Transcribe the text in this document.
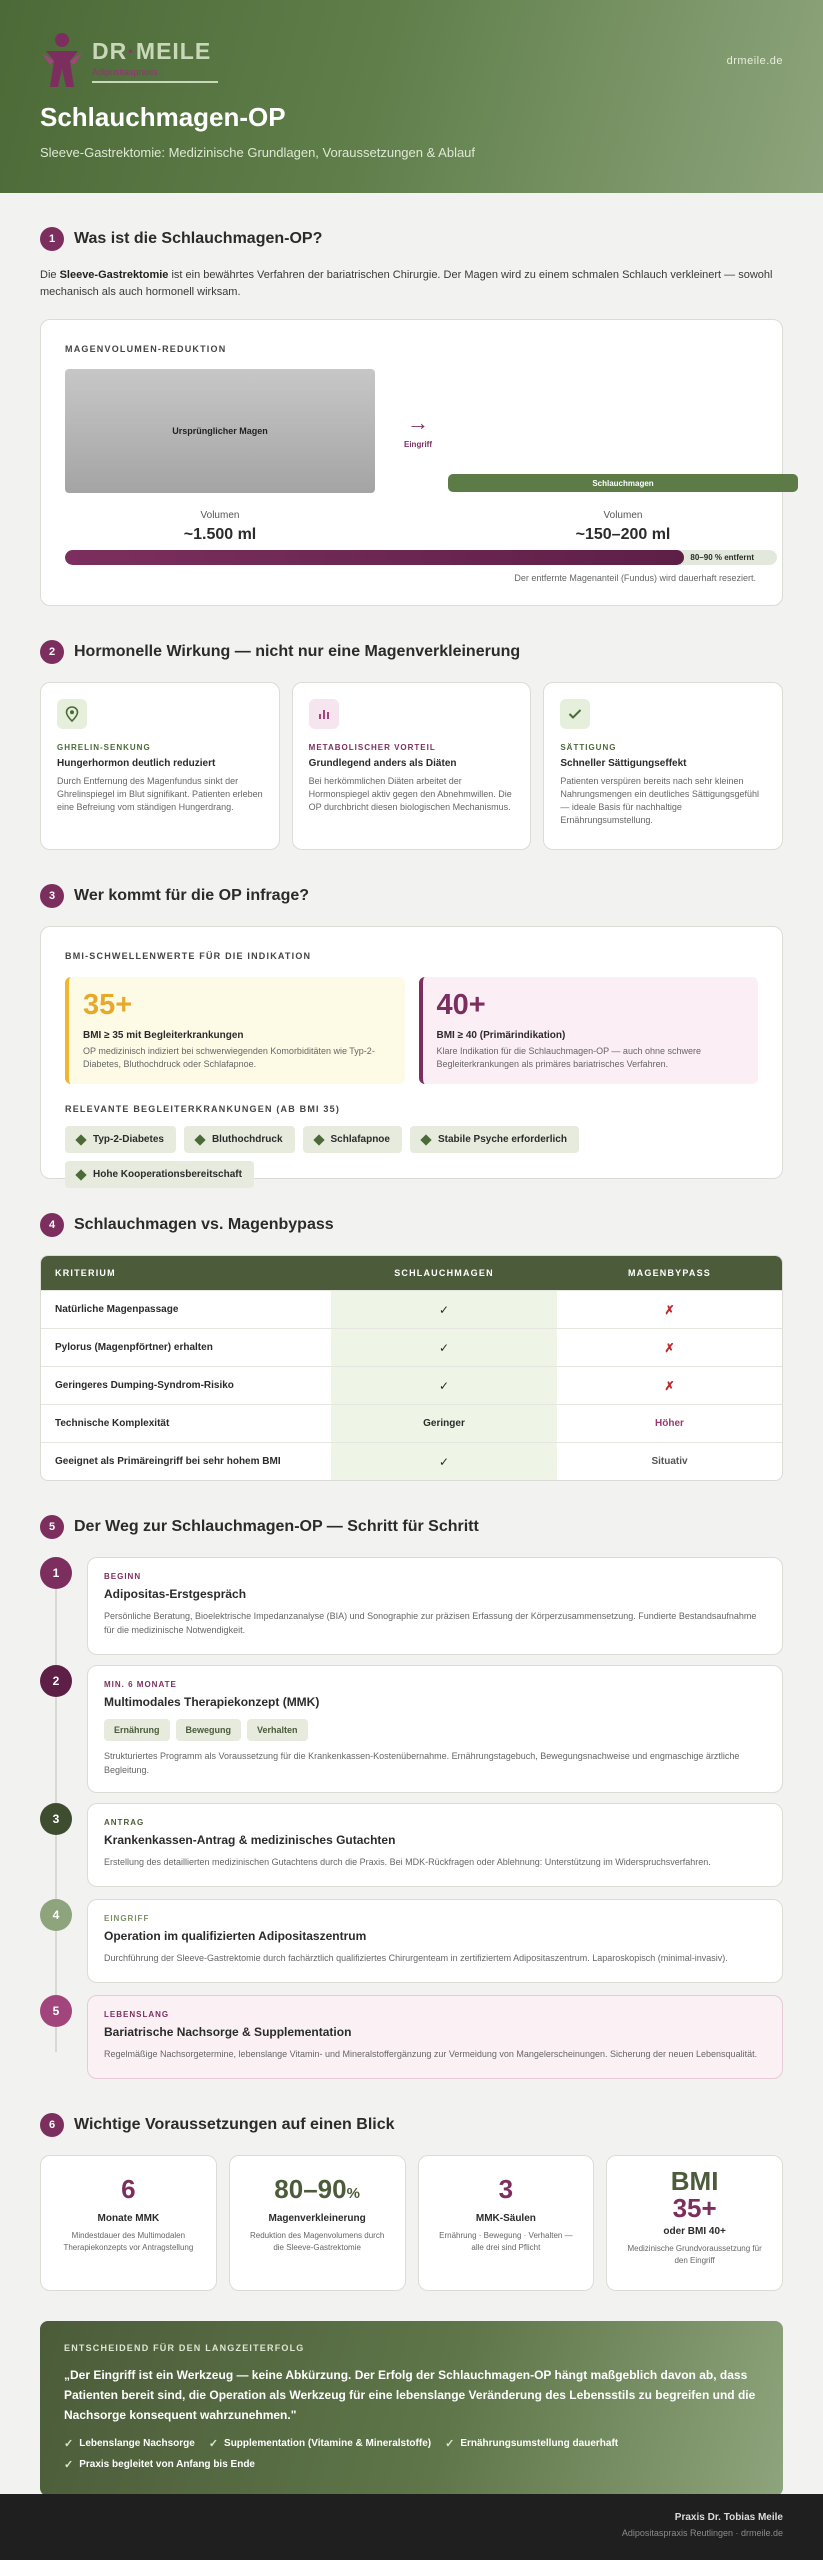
DR·MEILE
Adipositaspraxis
drmeile.de
Schlauchmagen-OP
Sleeve-Gastrektomie: Medizinische Grundlagen, Voraussetzungen & Ablauf
1	Was ist die Schlauchmagen-OP?

Die Sleeve-Gastrektomie ist ein bewährtes Verfahren der bariatrischen Chirurgie. Der Magen wird zu einem schmalen Schlauch verkleinert — sowohl mechanisch als auch hormonell wirksam.

MAGENVOLUMEN-REDUKTION
Ursprünglicher Magen	→
Eingriff
Schlauchmagen
Volumen
~1.500 ml
Volumen
~150–200 ml
80–90 % entfernt
Der entfernte Magenanteil (Fundus) wird dauerhaft reseziert.
2	Hormonelle Wirkung — nicht nur eine Magenverkleinerung
GHRELIN-SENKUNG
Hungerhormon deutlich reduziert

Durch Entfernung des Magenfundus sinkt der Ghrelinspiegel im Blut signifikant. Patienten erleben eine Befreiung vom ständigen Hungerdrang.

METABOLISCHER VORTEIL
Grundlegend anders als Diäten

Bei herkömmlichen Diäten arbeitet der Hormonspiegel aktiv gegen den Abnehmwillen. Die OP durchbricht diesen biologischen Mechanismus.

SÄTTIGUNG
Schneller Sättigungseffekt

Patienten verspüren bereits nach sehr kleinen Nahrungsmengen ein deutliches Sättigungsgefühl — ideale Basis für nachhaltige Ernährungsumstellung.

3	Wer kommt für die OP infrage?
BMI-SCHWELLENWERTE FÜR DIE INDIKATION
35+
BMI ≥ 35 mit Begleiterkrankungen

OP medizinisch indiziert bei schwerwiegenden Komorbiditäten wie Typ-2-Diabetes, Bluthochdruck oder Schlafapnoe.

40+
BMI ≥ 40 (Primärindikation)

Klare Indikation für die Schlauchmagen-OP — auch ohne schwere Begleiterkrankungen als primäres bariatrisches Verfahren.

RELEVANTE BEGLEITERKRANKUNGEN (AB BMI 35)
Typ-2-Diabetes	Bluthochdruck	Schlafapnoe	Stabile Psyche erforderlich
Hohe Kooperationsbereitschaft
4	Schlauchmagen vs. Magenbypass
KRITERIUM	SCHLAUCHMAGEN	MAGENBYPASS
Natürliche Magenpassage	✓	✗
Pylorus (Magenpförtner) erhalten	✓	✗
Geringeres Dumping-Syndrom-Risiko	✓	✗
Technische Komplexität	Geringer	Höher
Geeignet als Primäreingriff bei sehr hohem BMI	✓	Situativ
5	Der Weg zur Schlauchmagen-OP — Schritt für Schritt
1	BEGINN
Adipositas-Erstgespräch

Persönliche Beratung, Bioelektrische Impedanzanalyse (BIA) und Sonographie zur präzisen Erfassung der Körperzusammensetzung. Fundierte Bestandsaufnahme für die medizinische Notwendigkeit.

2	MIN. 6 MONATE
Multimodales Therapiekonzept (MMK)
Ernährung	Bewegung	Verhalten

Strukturiertes Programm als Voraussetzung für die Krankenkassen-Kostenübernahme. Ernährungstagebuch, Bewegungsnachweise und engmaschige ärztliche Begleitung.

3	ANTRAG
Krankenkassen-Antrag & medizinisches Gutachten

Erstellung des detaillierten medizinischen Gutachtens durch die Praxis. Bei MDK-Rückfragen oder Ablehnung: Unterstützung im Widerspruchsverfahren.

4	EINGRIFF
Operation im qualifizierten Adipositaszentrum

Durchführung der Sleeve-Gastrektomie durch fachärztlich qualifiziertes Chirurgenteam in zertifiziertem Adipositaszentrum. Laparoskopisch (minimal-invasiv).

5	LEBENSLANG
Bariatrische Nachsorge & Supplementation

Regelmäßige Nachsorgetermine, lebenslange Vitamin- und Mineralstoffergänzung zur Vermeidung von Mangelerscheinungen. Sicherung der neuen Lebensqualität.

6	Wichtige Voraussetzungen auf einen Blick
6
Monate MMK
Mindestdauer des Multimodalen Therapiekonzepts vor Antragstellung
80–90%
Magenverkleinerung
Reduktion des Magenvolumens durch die Sleeve-Gastrektomie
3
MMK-Säulen
Ernährung · Bewegung · Verhalten — alle drei sind Pflicht
BMI
35+
oder BMI 40+
Medizinische Grundvoraussetzung für den Eingriff
ENTSCHEIDEND FÜR DEN LANGZEITERFOLG
„Der Eingriff ist ein Werkzeug — keine Abkürzung. Der Erfolg der Schlauchmagen-OP hängt maßgeblich davon ab, dass Patienten bereit sind, die Operation als Werkzeug für eine lebenslange Veränderung des Lebensstils zu begreifen und die Nachsorge konsequent wahrzunehmen."
✓ Lebenslange Nachsorge ✓ Supplementation (Vitamine & Mineralstoffe) ✓ Ernährungsumstellung dauerhaft
✓ Praxis begleitet von Anfang bis Ende
Praxis Dr. Tobias Meile
Adipositaspraxis Reutlingen · drmeile.de
